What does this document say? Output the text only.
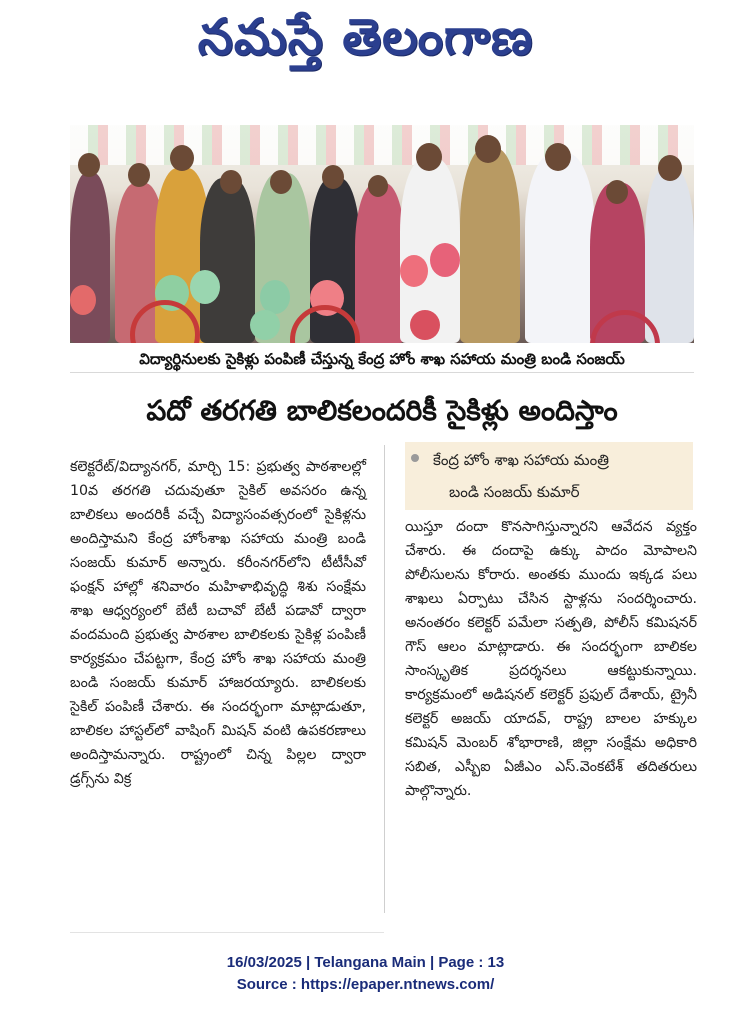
నమస్తే తెలంగాణ
విద్యార్థినులకు సైకిళ్లు పంపిణీ చేస్తున్న కేంద్ర హోం శాఖ సహాయ మంత్రి బండి సంజయ్
పదో తరగతి బాలికలందరికీ సైకిళ్లు అందిస్తాం

కలెక్టరేట్/విద్యానగర్, మార్చి 15: ప్రభుత్వ పాఠశాలల్లో 10వ తరగతి చదువుతూ సైకిల్ అవసరం ఉన్న బాలికలు అందరికీ వచ్చే విద్యాసంవత్సరంలో సైకిళ్లను అందిస్తామని కేంద్ర హోంశాఖ సహాయ మంత్రి బండి సంజయ్ కుమార్ అన్నారు. కరీంనగర్‌లోని టీటీసీవో ఫంక్షన్ హాల్లో శనివారం మహిళాభివృద్ధి శిశు సంక్షేమ శాఖ ఆధ్వర్యంలో బేటీ బచావో బేటీ పడావో ద్వారా వందమంది ప్రభుత్వ పాఠశాల బాలికలకు సైకిళ్ల పంపిణీ కార్యక్రమం చేపట్టగా, కేంద్ర హోం శాఖ సహాయ మంత్రి బండి సంజయ్ కుమార్ హాజరయ్యారు. బాలికలకు సైకిల్ పంపిణీ చేశారు. ఈ సందర్భంగా మాట్లాడుతూ, బాలికల హాస్టల్‌లో వాషింగ్ మిషన్ వంటి ఉపకరణాలు అందిస్తామన్నారు. రాష్ట్రంలో చిన్న పిల్లల ద్వారా డ్రగ్స్‌ను విక్ర

కేంద్ర హోం శాఖ సహాయ మంత్రి
బండి సంజయ్ కుమార్

యిస్తూ దందా కొనసాగిస్తున్నారని ఆవేదన వ్యక్తం చేశారు. ఈ దందాపై ఉక్కు పాదం మోపాలని పోలీసులను కోరారు. అంతకు ముందు ఇక్కడ పలు శాఖలు ఏర్పాటు చేసిన స్టాళ్లను సందర్శించారు. అనంతరం కలెక్టర్ పమేలా సత్పతి, పోలీస్ కమిషనర్ గౌస్ ఆలం మాట్లాడారు. ఈ సందర్భంగా బాలికల సాంస్కృతిక ప్రదర్శనలు ఆకట్టుకున్నాయి. కార్యక్రమంలో అడిషనల్ కలెక్టర్ ప్రఫుల్ దేశాయ్, ట్రైనీ కలెక్టర్ అజయ్ యాదవ్, రాష్ట్ర బాలల హక్కుల కమిషన్ మెంబర్ శోభారాణి, జిల్లా సంక్షేమ అధికారి సబిత, ఎస్బీఐ ఏజీఎం ఎస్.వెంకటేశ్ తదితరులు పాల్గొన్నారు.

16/03/2025 | Telangana Main | Page : 13
Source : https://epaper.ntnews.com/
